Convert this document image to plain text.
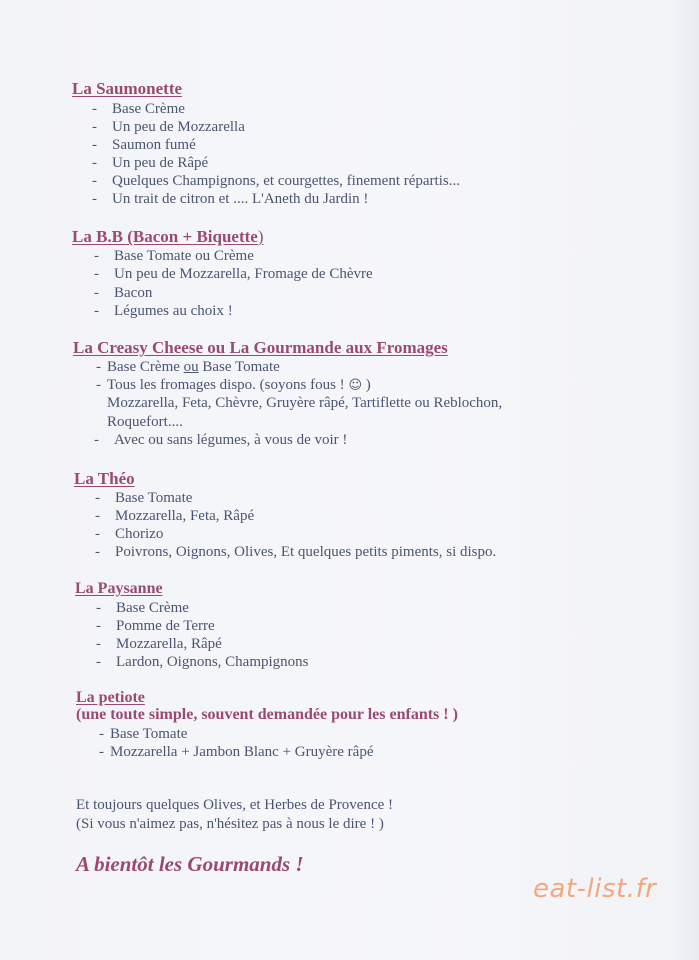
La Saumonette
- Base Crème
- Un peu de Mozzarella
- Saumon fumé
- Un peu de Râpé
- Quelques Champignons, et courgettes, finement répartis...
- Un trait de citron et .... L'Aneth du Jardin !
La B.B (Bacon + Biquette)
- Base Tomate ou Crème
- Un peu de Mozzarella, Fromage de Chèvre
- Bacon
- Légumes au choix !
La Creasy Cheese ou La Gourmande aux Fromages
- Base Crème ou Base Tomate
- Tous les fromages dispo. (soyons fous ! ☺ )
Mozzarella, Feta, Chèvre, Gruyère râpé, Tartiflette ou Reblochon,
Roquefort....
- Avec ou sans légumes, à vous de voir !
La Théo
- Base Tomate
- Mozzarella, Feta, Râpé
- Chorizo
- Poivrons, Oignons, Olives, Et quelques petits piments, si dispo.
La Paysanne
- Base Crème
- Pomme de Terre
- Mozzarella, Râpé
- Lardon, Oignons, Champignons
La petiote
(une toute simple, souvent demandée pour les enfants ! )
- Base Tomate
- Mozzarella + Jambon Blanc + Gruyère râpé
Et toujours quelques Olives, et Herbes de Provence !
(Si vous n'aimez pas, n'hésitez pas à nous le dire ! )
A bientôt les Gourmands !
eat-list.fr
